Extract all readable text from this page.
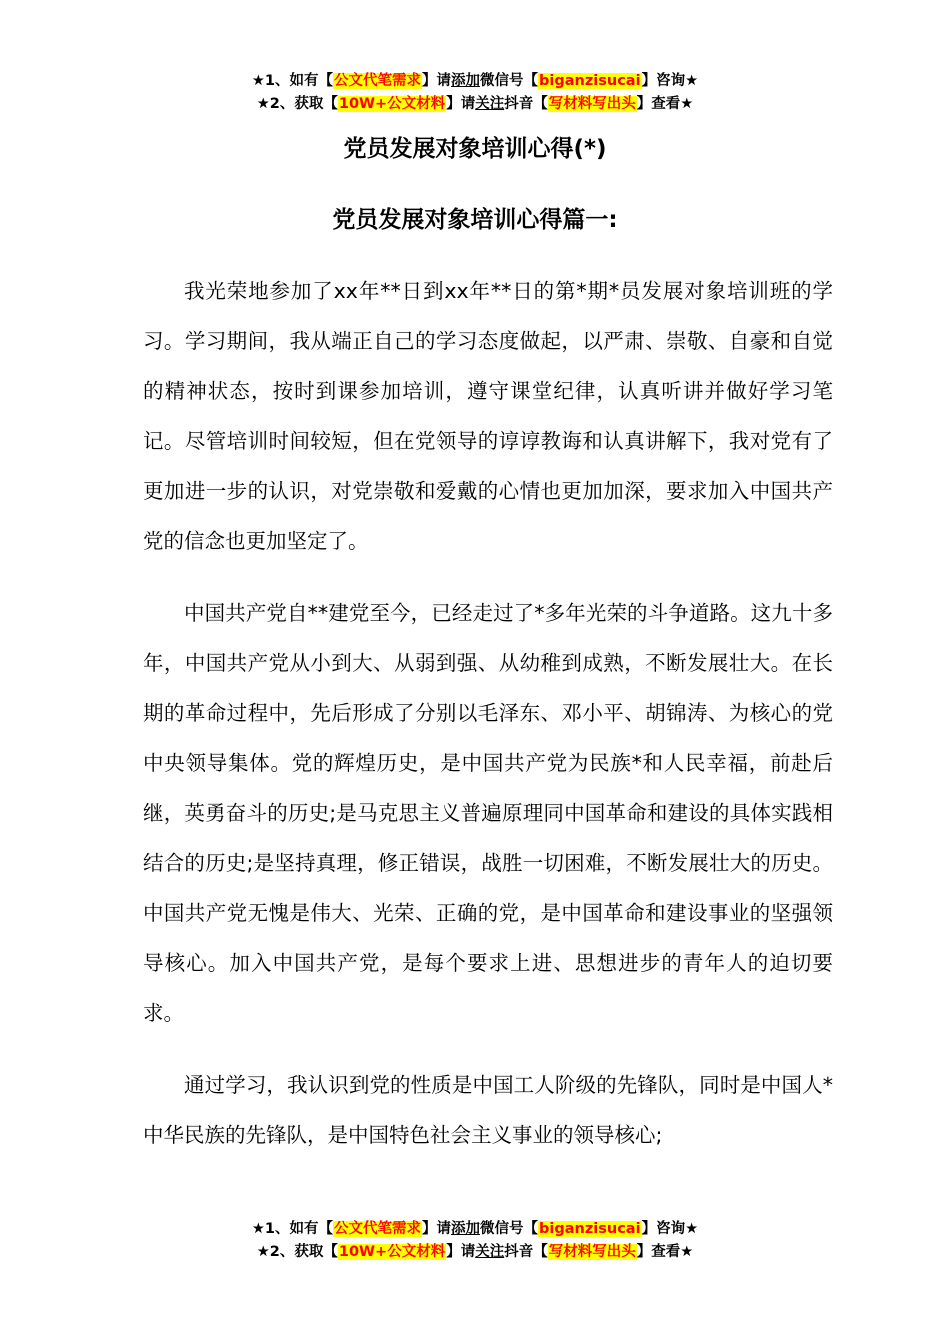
★1、如有【公文代笔需求】请添加微信号【biganzisucai】咨询★
★2、获取【10W+公文材料】请关注抖音【写材料写出头】查看★
党员发展对象培训心得(*)
党员发展对象培训心得篇一:

我光荣地参加了xx年**日到xx年**日的第*期*员发展对象培训班的学习。学习期间，我从端正自己的学习态度做起，以严肃、崇敬、自豪和自觉的精神状态，按时到课参加培训，遵守课堂纪律，认真听讲并做好学习笔记。尽管培训时间较短，但在党领导的谆谆教诲和认真讲解下，我对党有了更加进一步的认识，对党崇敬和爱戴的心情也更加加深，要求加入中国共产党的信念也更加坚定了。

中国共产党自**建党至今，已经走过了*多年光荣的斗争道路。这九十多年，中国共产党从小到大、从弱到强、从幼稚到成熟，不断发展壮大。在长期的革命过程中，先后形成了分别以毛泽东、邓小平、胡锦涛、为核心的党中央领导集体。党的辉煌历史，是中国共产党为民族*和人民幸福，前赴后继，英勇奋斗的历史;是马克思主义普遍原理同中国革命和建设的具体实践相结合的历史;是坚持真理，修正错误，战胜一切困难，不断发展壮大的历史。中国共产党无愧是伟大、光荣、正确的党，是中国革命和建设事业的坚强领导核心。加入中国共产党，是每个要求上进、思想进步的青年人的迫切要求。

通过学习，我认识到党的性质是中国工人阶级的先锋队，同时是中国人*中华民族的先锋队，是中国特色社会主义事业的领导核心;

★1、如有【公文代笔需求】请添加微信号【biganzisucai】咨询★
★2、获取【10W+公文材料】请关注抖音【写材料写出头】查看★
